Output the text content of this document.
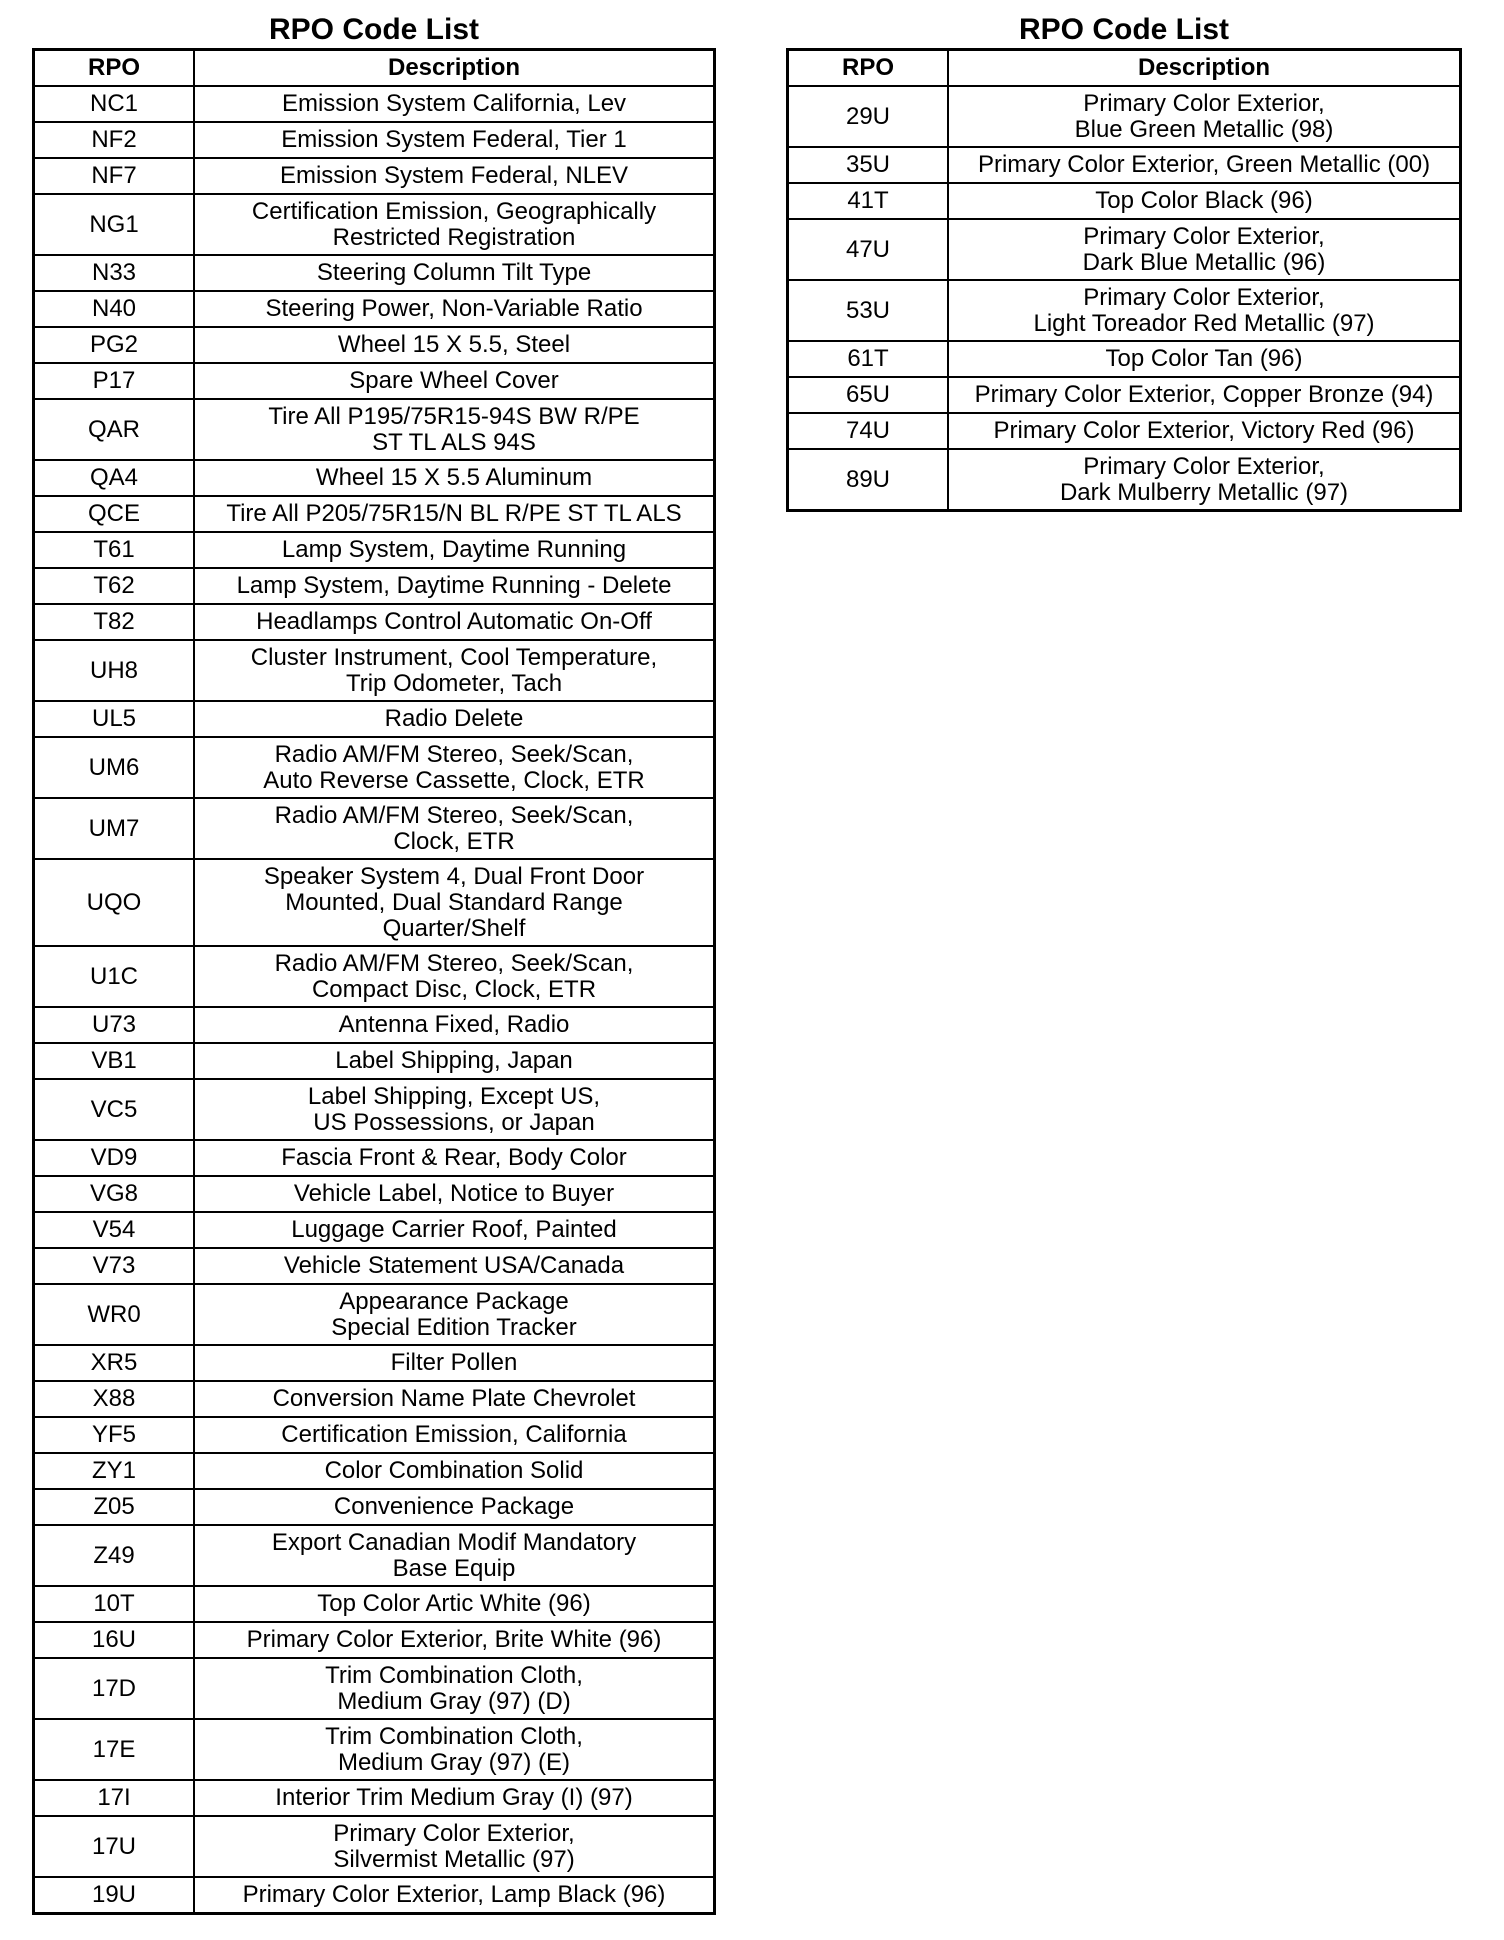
RPO Code List
RPO	Description
NC1	Emission System California, Lev

NF2	Emission System Federal, Tier 1

NF7	Emission System Federal, NLEV

NG1	Certification Emission, Geographically
Restricted Registration

N33	Steering Column Tilt Type

N40	Steering Power, Non-Variable Ratio

PG2	Wheel 15 X 5.5, Steel

P17	Spare Wheel Cover

QAR	Tire All P195/75R15-94S BW R/PE
ST TL ALS 94S

QA4	Wheel 15 X 5.5 Aluminum

QCE	Tire All P205/75R15/N BL R/PE ST TL ALS

T61	Lamp System, Daytime Running

T62	Lamp System, Daytime Running - Delete

T82	Headlamps Control Automatic On-Off

UH8	Cluster Instrument, Cool Temperature,
Trip Odometer, Tach

UL5	Radio Delete

UM6	Radio AM/FM Stereo, Seek/Scan,
Auto Reverse Cassette, Clock, ETR

UM7	Radio AM/FM Stereo, Seek/Scan,
Clock, ETR

UQO	Speaker System 4, Dual Front Door
Mounted, Dual Standard Range
Quarter/Shelf

U1C	Radio AM/FM Stereo, Seek/Scan,
Compact Disc, Clock, ETR

U73	Antenna Fixed, Radio

VB1	Label Shipping, Japan

VC5	Label Shipping, Except US,
US Possessions, or Japan

VD9	Fascia Front & Rear, Body Color

VG8	Vehicle Label, Notice to Buyer

V54	Luggage Carrier Roof, Painted

V73	Vehicle Statement USA/Canada

WR0	Appearance Package
Special Edition Tracker

XR5	Filter Pollen

X88	Conversion Name Plate Chevrolet

YF5	Certification Emission, California

ZY1	Color Combination Solid

Z05	Convenience Package

Z49	Export Canadian Modif Mandatory
Base Equip

10T	Top Color Artic White (96)

16U	Primary Color Exterior, Brite White (96)

17D	Trim Combination Cloth,
Medium Gray (97) (D)

17E	Trim Combination Cloth,
Medium Gray (97) (E)

17I	Interior Trim Medium Gray (I) (97)

17U	Primary Color Exterior,
Silvermist Metallic (97)

19U	Primary Color Exterior, Lamp Black (96)
RPO Code List
RPO	Description
29U	Primary Color Exterior,
Blue Green Metallic (98)

35U	Primary Color Exterior, Green Metallic (00)

41T	Top Color Black (96)

47U	Primary Color Exterior,
Dark Blue Metallic (96)

53U	Primary Color Exterior,
Light Toreador Red Metallic (97)

61T	Top Color Tan (96)

65U	Primary Color Exterior, Copper Bronze (94)

74U	Primary Color Exterior, Victory Red (96)

89U	Primary Color Exterior,
Dark Mulberry Metallic (97)
